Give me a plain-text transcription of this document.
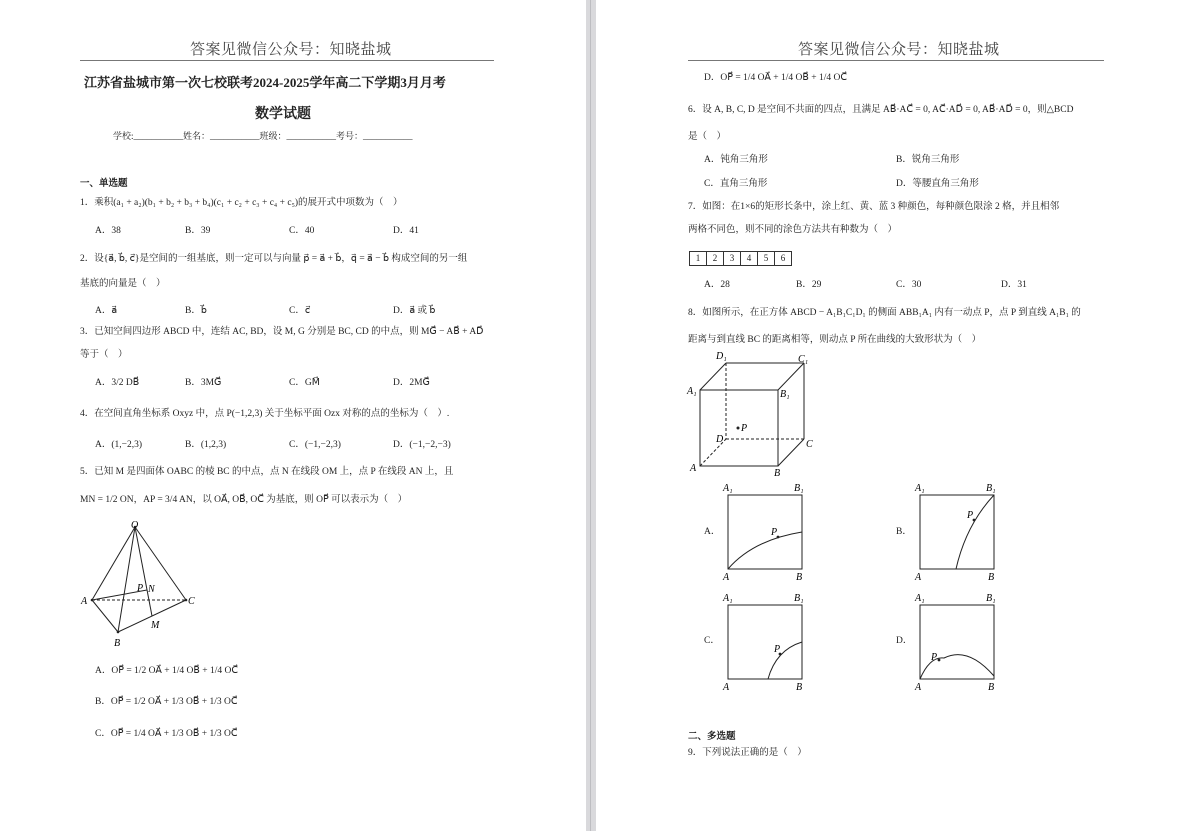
答案见微信公众号：知晓盐城
江苏省盐城市第一次七校联考2024-2025学年高二下学期3月月考
数学试题
学校:___________姓名：___________班级：___________考号：___________
一、单选题
1．乘积(a₁ + a₂)(b₁ + b₂ + b₃ + b₄)(c₁ + c₂ + c₃ + c₄ + c₅)的展开式中项数为（　）
A．38	B．39	C．40	D．41
2．设{a⃗, b⃗, c⃗}是空间的一组基底，则一定可以与向量 p⃗ = a⃗ + b⃗，q⃗ = a⃗ − b⃗ 构成空间的另一组
基底的向量是（　）
A．a⃗	B．b⃗	C．c⃗	D．a⃗ 或 b⃗
3．已知空间四边形 ABCD 中，连结 AC, BD，设 M, G 分别是 BC, CD 的中点，则 MG⃗ − AB⃗ + AD⃗
等于（　）
A．3/2 DB⃗	B．3MG⃗	C．GM⃗	D．2MG⃗
4．在空间直角坐标系 Oxyz 中，点 P(−1,2,3) 关于坐标平面 Ozx 对称的点的坐标为（　）.
A．(1,−2,3)	B．(1,2,3)	C．(−1,−2,3)	D．(−1,−2,−3)
5．已知 M 是四面体 OABC 的棱 BC 的中点，点 N 在线段 OM 上，点 P 在线段 AN 上，且
MN = 1/2 ON，AP = 3/4 AN，以 OA⃗, OB⃗, OC⃗ 为基底，则 OP⃗ 可以表示为（　）
O
A	C
B
M
P N
A．OP⃗ = 1/2 OA⃗ + 1/4 OB⃗ + 1/4 OC⃗
B．OP⃗ = 1/2 OA⃗ + 1/3 OB⃗ + 1/3 OC⃗
C．OP⃗ = 1/4 OA⃗ + 1/3 OB⃗ + 1/3 OC⃗
答案见微信公众号：知晓盐城
D．OP⃗ = 1/4 OA⃗ + 1/4 OB⃗ + 1/4 OC⃗
6．设 A, B, C, D 是空间不共面的四点，且满足 AB⃗·AC⃗ = 0, AC⃗·AD⃗ = 0, AB⃗·AD⃗ = 0，则△BCD
是（　）
A．钝角三角形	B．锐角三角形
C．直角三角形	D．等腰直角三角形
7．如图：在1×6的矩形长条中，涂上红、黄、蓝 3 种颜色，每种颜色限涂 2 格，并且相邻
两格不同色，则不同的涂色方法共有种数为（　）
1	2	3	4	5	6
A．28	B．29	C．30	D．31
8．如图所示，在正方体 ABCD − A₁B₁C₁D₁ 的侧面 ABB₁A₁ 内有一动点 P，点 P 到直线 A₁B₁ 的
距离与到直线 BC 的距离相等，则动点 P 所在曲线的大致形状为（　）
D₁	C₁
A₁	B₁
D	C
A	B
P
A．
A₁	B₁
A	B
P	B．
A₁	B₁
A	B
P
C．
A₁	B₁
A	B
P
D．
A₁	B₁
A	B
P
二、多选题
9．下列说法正确的是（　）
